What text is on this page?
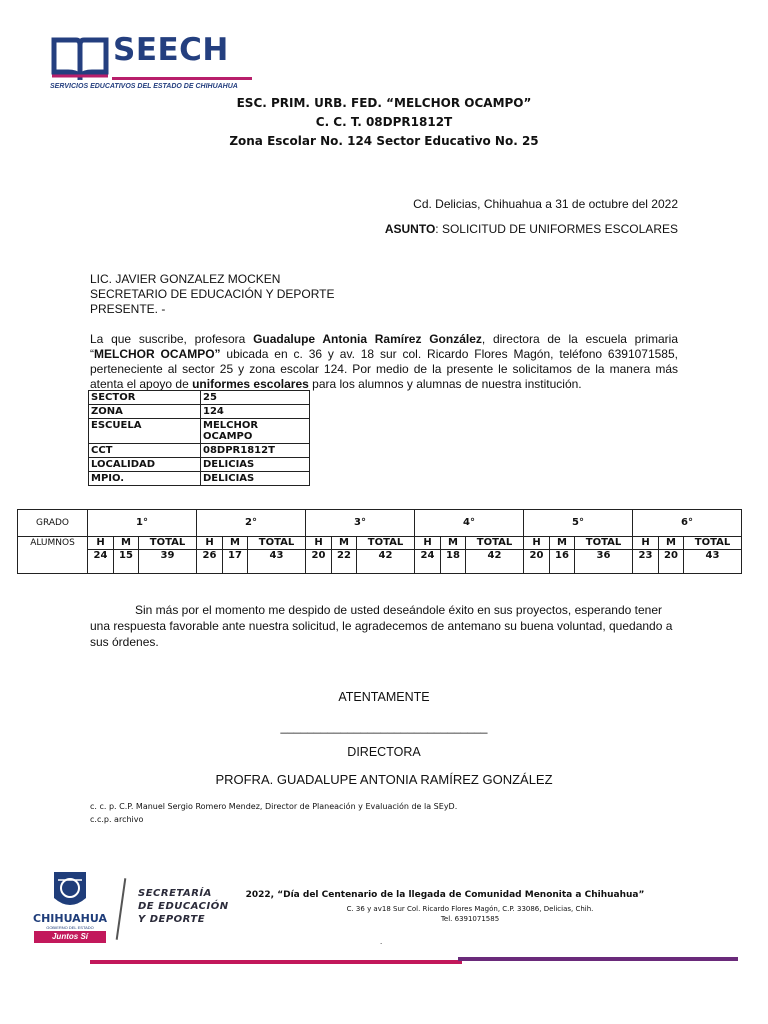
SEECH
SERVICIOS EDUCATIVOS DEL ESTADO DE CHIHUAHUA
ESC. PRIM. URB. FED. “MELCHOR OCAMPO”
C. C. T. 08DPR1812T
Zona Escolar No. 124 Sector Educativo No. 25
Cd. Delicias, Chihuahua a 31 de octubre del 2022
ASUNTO: SOLICITUD DE UNIFORMES ESCOLARES
LIC. JAVIER GONZALEZ MOCKEN
SECRETARIO DE EDUCACIÓN Y DEPORTE
PRESENTE. -
La que suscribe, profesora Guadalupe Antonia Ramírez González, directora de la escuela primaria “MELCHOR OCAMPO” ubicada en c. 36 y av. 18 sur col. Ricardo Flores Magón, teléfono 6391071585, perteneciente al sector 25 y zona escolar 124. Por medio de la presente le solicitamos de la manera más atenta el apoyo de uniformes escolares para los alumnos y alumnas de nuestra institución.
SECTOR	25
ZONA	124
ESCUELA	MELCHOR OCAMPO
CCT	08DPR1812T
LOCALIDAD	DELICIAS
MPIO.	DELICIAS
GRADO	1°			2°			3°			4°			5°			6°		
ALUMNOS	H	M	TOTAL	H	M	TOTAL	H	M	TOTAL	H	M	TOTAL	H	M	TOTAL	H	M	TOTAL
	24	15	39	26	17	43	20	22	42	24	18	42	20	16	36	23	20	43
Sin más por el momento me despido de usted deseándole éxito en sus proyectos, esperando tener una respuesta favorable ante nuestra solicitud, le agradecemos de antemano su buena voluntad, quedando a sus órdenes.
ATENTAMENTE
_______________________________
DIRECTORA
PROFRA. GUADALUPE ANTONIA RAMÍREZ GONZÁLEZ
c. c. p. C.P. Manuel Sergio Romero Mendez, Director de Planeación y Evaluación de la SEyD.
c.c.p. archivo
CHIHUAHUA
GOBIERNO DEL ESTADO
Juntos Sí podemos
SECRETARÍA
DE EDUCACIÓN
Y DEPORTE
2022, “Día del Centenario de la llegada de Comunidad Menonita a Chihuahua”
C. 36 y av18 Sur Col. Ricardo Flores Magón, C.P. 33086, Delicias, Chih.
Tel. 6391071585
.
